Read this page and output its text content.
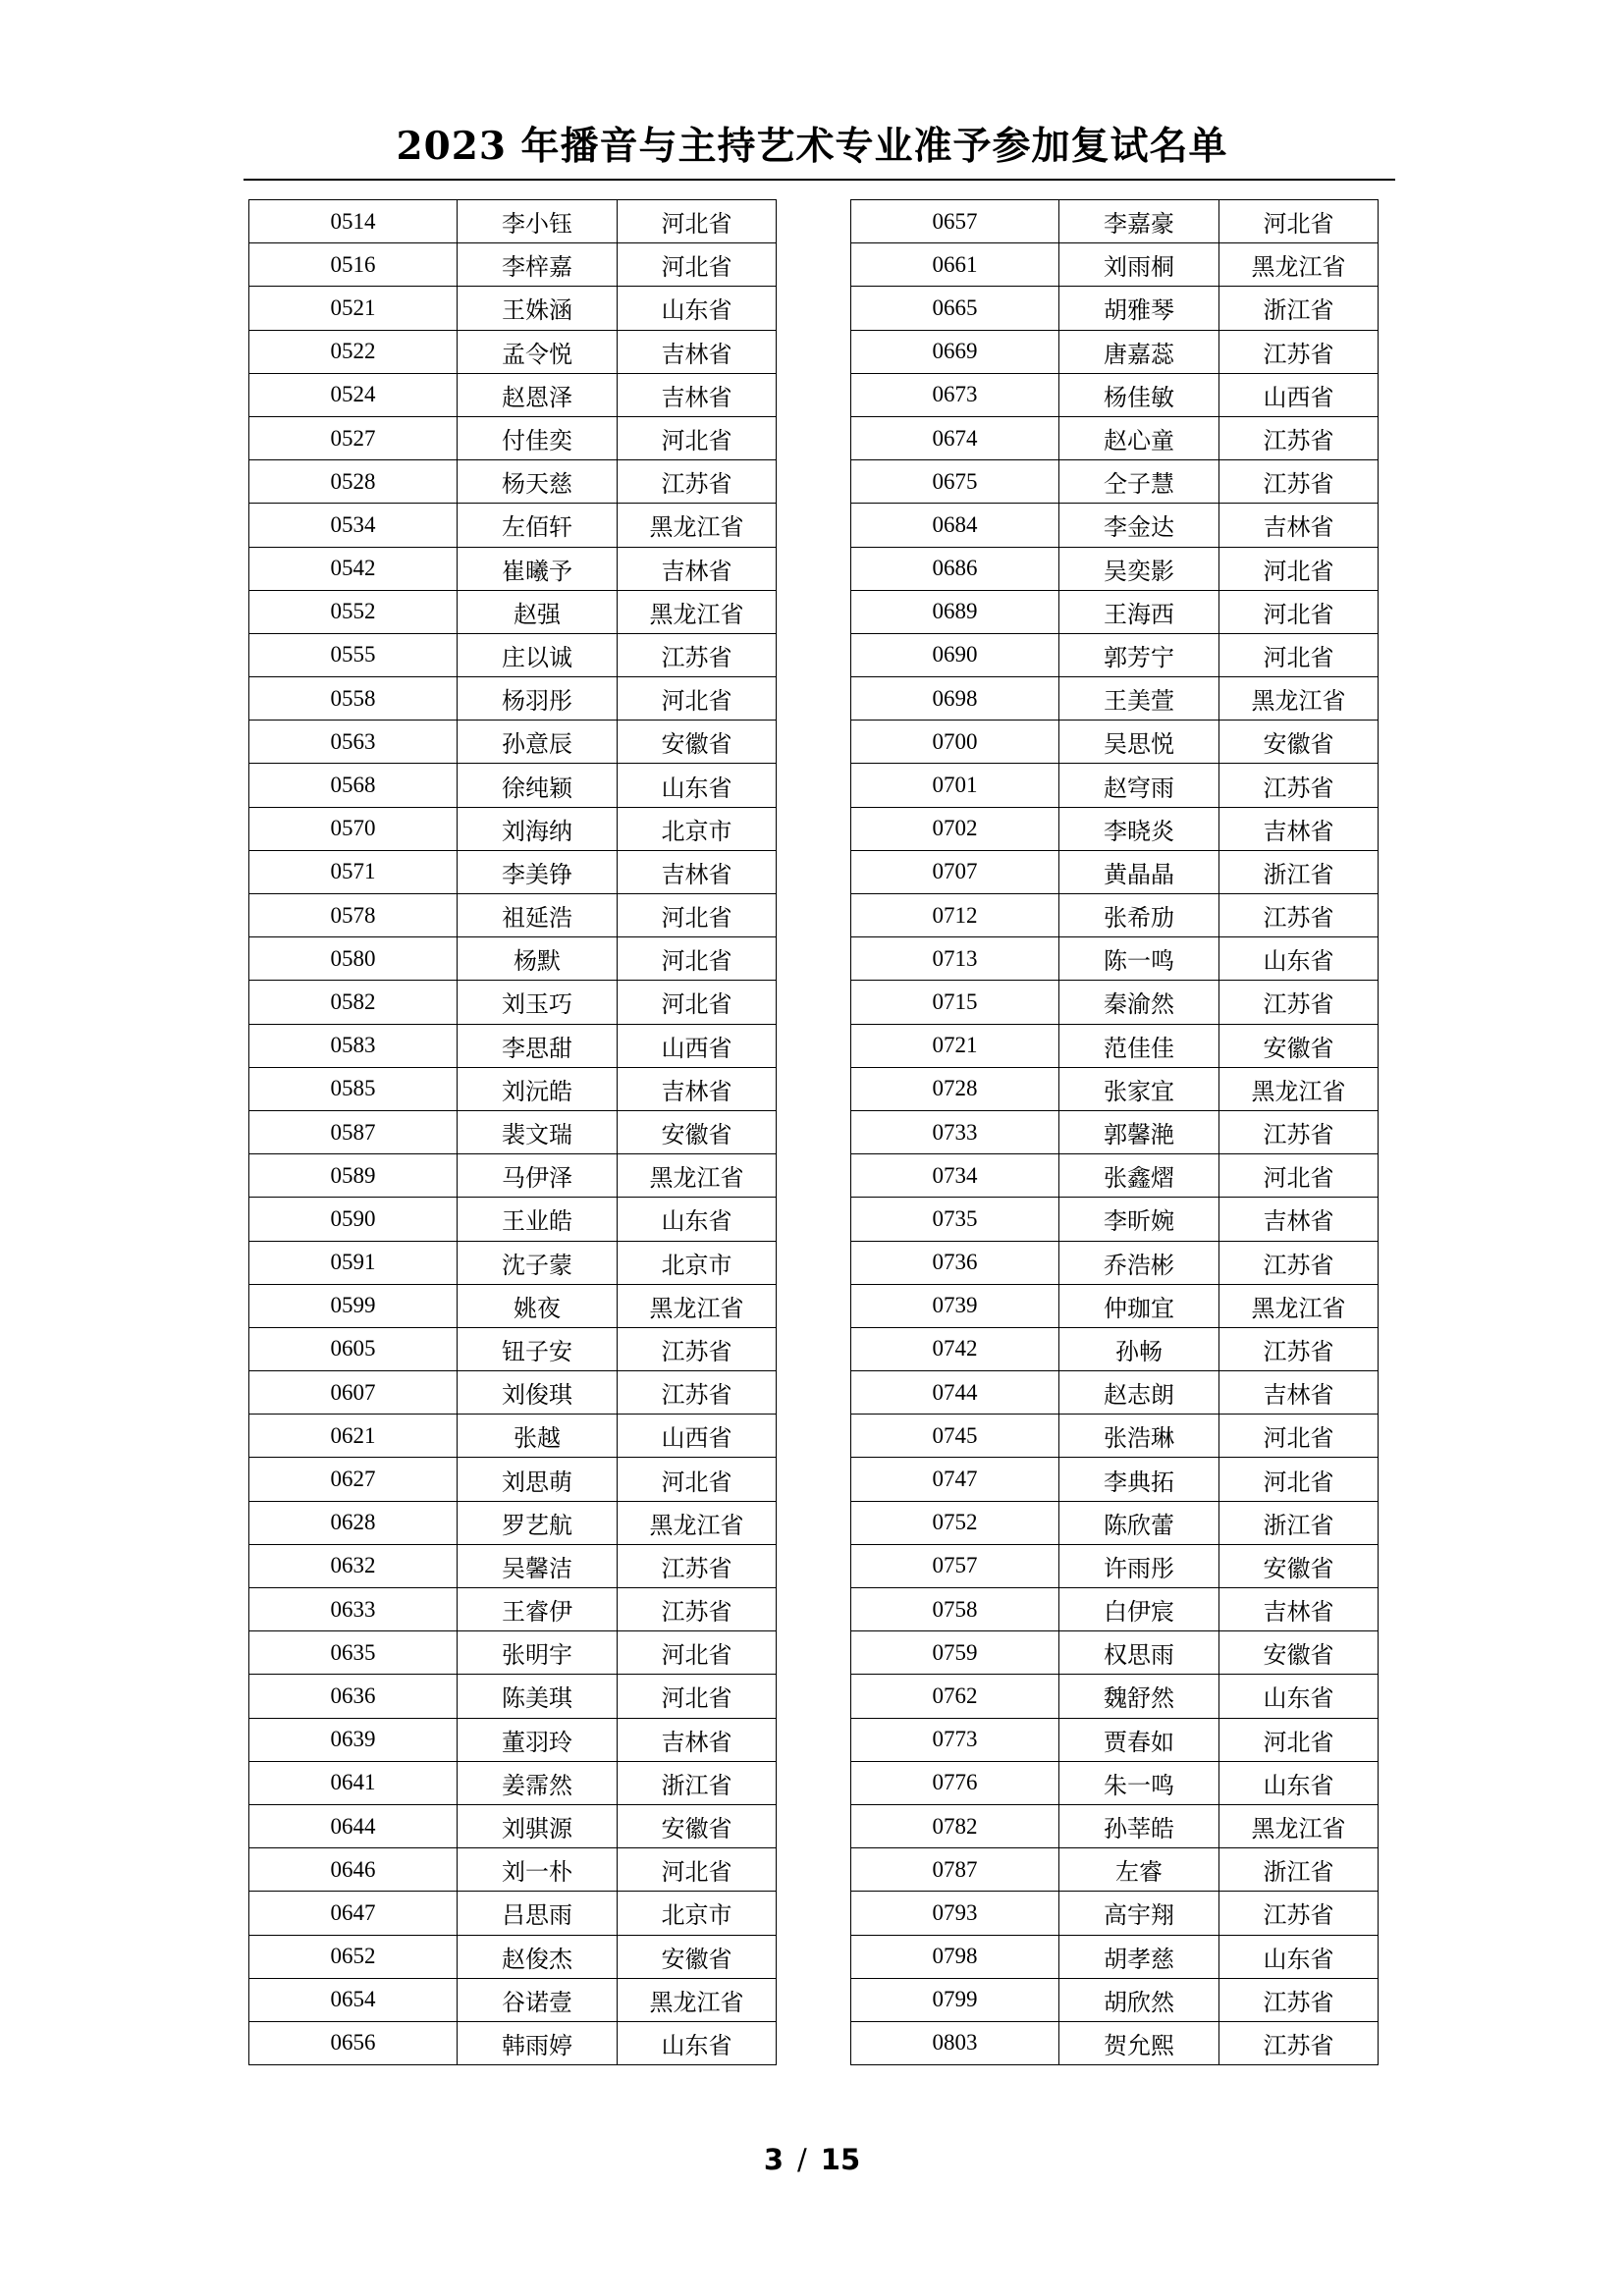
2023 年播音与主持艺术专业准予参加复试名单
0514	李小钰	河北省
0516	李梓嘉	河北省
0521	王姝涵	山东省
0522	孟令悦	吉林省
0524	赵恩泽	吉林省
0527	付佳奕	河北省
0528	杨天慈	江苏省
0534	左佰轩	黑龙江省
0542	崔曦予	吉林省
0552	赵强	黑龙江省
0555	庄以诚	江苏省
0558	杨羽彤	河北省
0563	孙意辰	安徽省
0568	徐纯颖	山东省
0570	刘海纳	北京市
0571	李美铮	吉林省
0578	祖延浩	河北省
0580	杨默	河北省
0582	刘玉巧	河北省
0583	李思甜	山西省
0585	刘沅皓	吉林省
0587	裴文瑞	安徽省
0589	马伊泽	黑龙江省
0590	王业皓	山东省
0591	沈子蒙	北京市
0599	姚夜	黑龙江省
0605	钮子安	江苏省
0607	刘俊琪	江苏省
0621	张越	山西省
0627	刘思萌	河北省
0628	罗艺航	黑龙江省
0632	吴馨洁	江苏省
0633	王睿伊	江苏省
0635	张明宇	河北省
0636	陈美琪	河北省
0639	董羽玲	吉林省
0641	姜霈然	浙江省
0644	刘骐源	安徽省
0646	刘一朴	河北省
0647	吕思雨	北京市
0652	赵俊杰	安徽省
0654	谷诺壹	黑龙江省
0656	韩雨婷	山东省
0657	李嘉豪	河北省
0661	刘雨桐	黑龙江省
0665	胡雅琴	浙江省
0669	唐嘉蕊	江苏省
0673	杨佳敏	山西省
0674	赵心童	江苏省
0675	仝子慧	江苏省
0684	李金达	吉林省
0686	吴奕影	河北省
0689	王海西	河北省
0690	郭芳宁	河北省
0698	王美萱	黑龙江省
0700	吴思悦	安徽省
0701	赵穹雨	江苏省
0702	李晓炎	吉林省
0707	黄晶晶	浙江省
0712	张希劢	江苏省
0713	陈一鸣	山东省
0715	秦渝然	江苏省
0721	范佳佳	安徽省
0728	张家宜	黑龙江省
0733	郭馨滟	江苏省
0734	张鑫熠	河北省
0735	李昕婉	吉林省
0736	乔浩彬	江苏省
0739	仲珈宜	黑龙江省
0742	孙畅	江苏省
0744	赵志朗	吉林省
0745	张浩琳	河北省
0747	李典拓	河北省
0752	陈欣蕾	浙江省
0757	许雨彤	安徽省
0758	白伊宸	吉林省
0759	权思雨	安徽省
0762	魏舒然	山东省
0773	贾春如	河北省
0776	朱一鸣	山东省
0782	孙莘皓	黑龙江省
0787	左睿	浙江省
0793	高宇翔	江苏省
0798	胡孝慈	山东省
0799	胡欣然	江苏省
0803	贺允熙	江苏省
3 / 15
